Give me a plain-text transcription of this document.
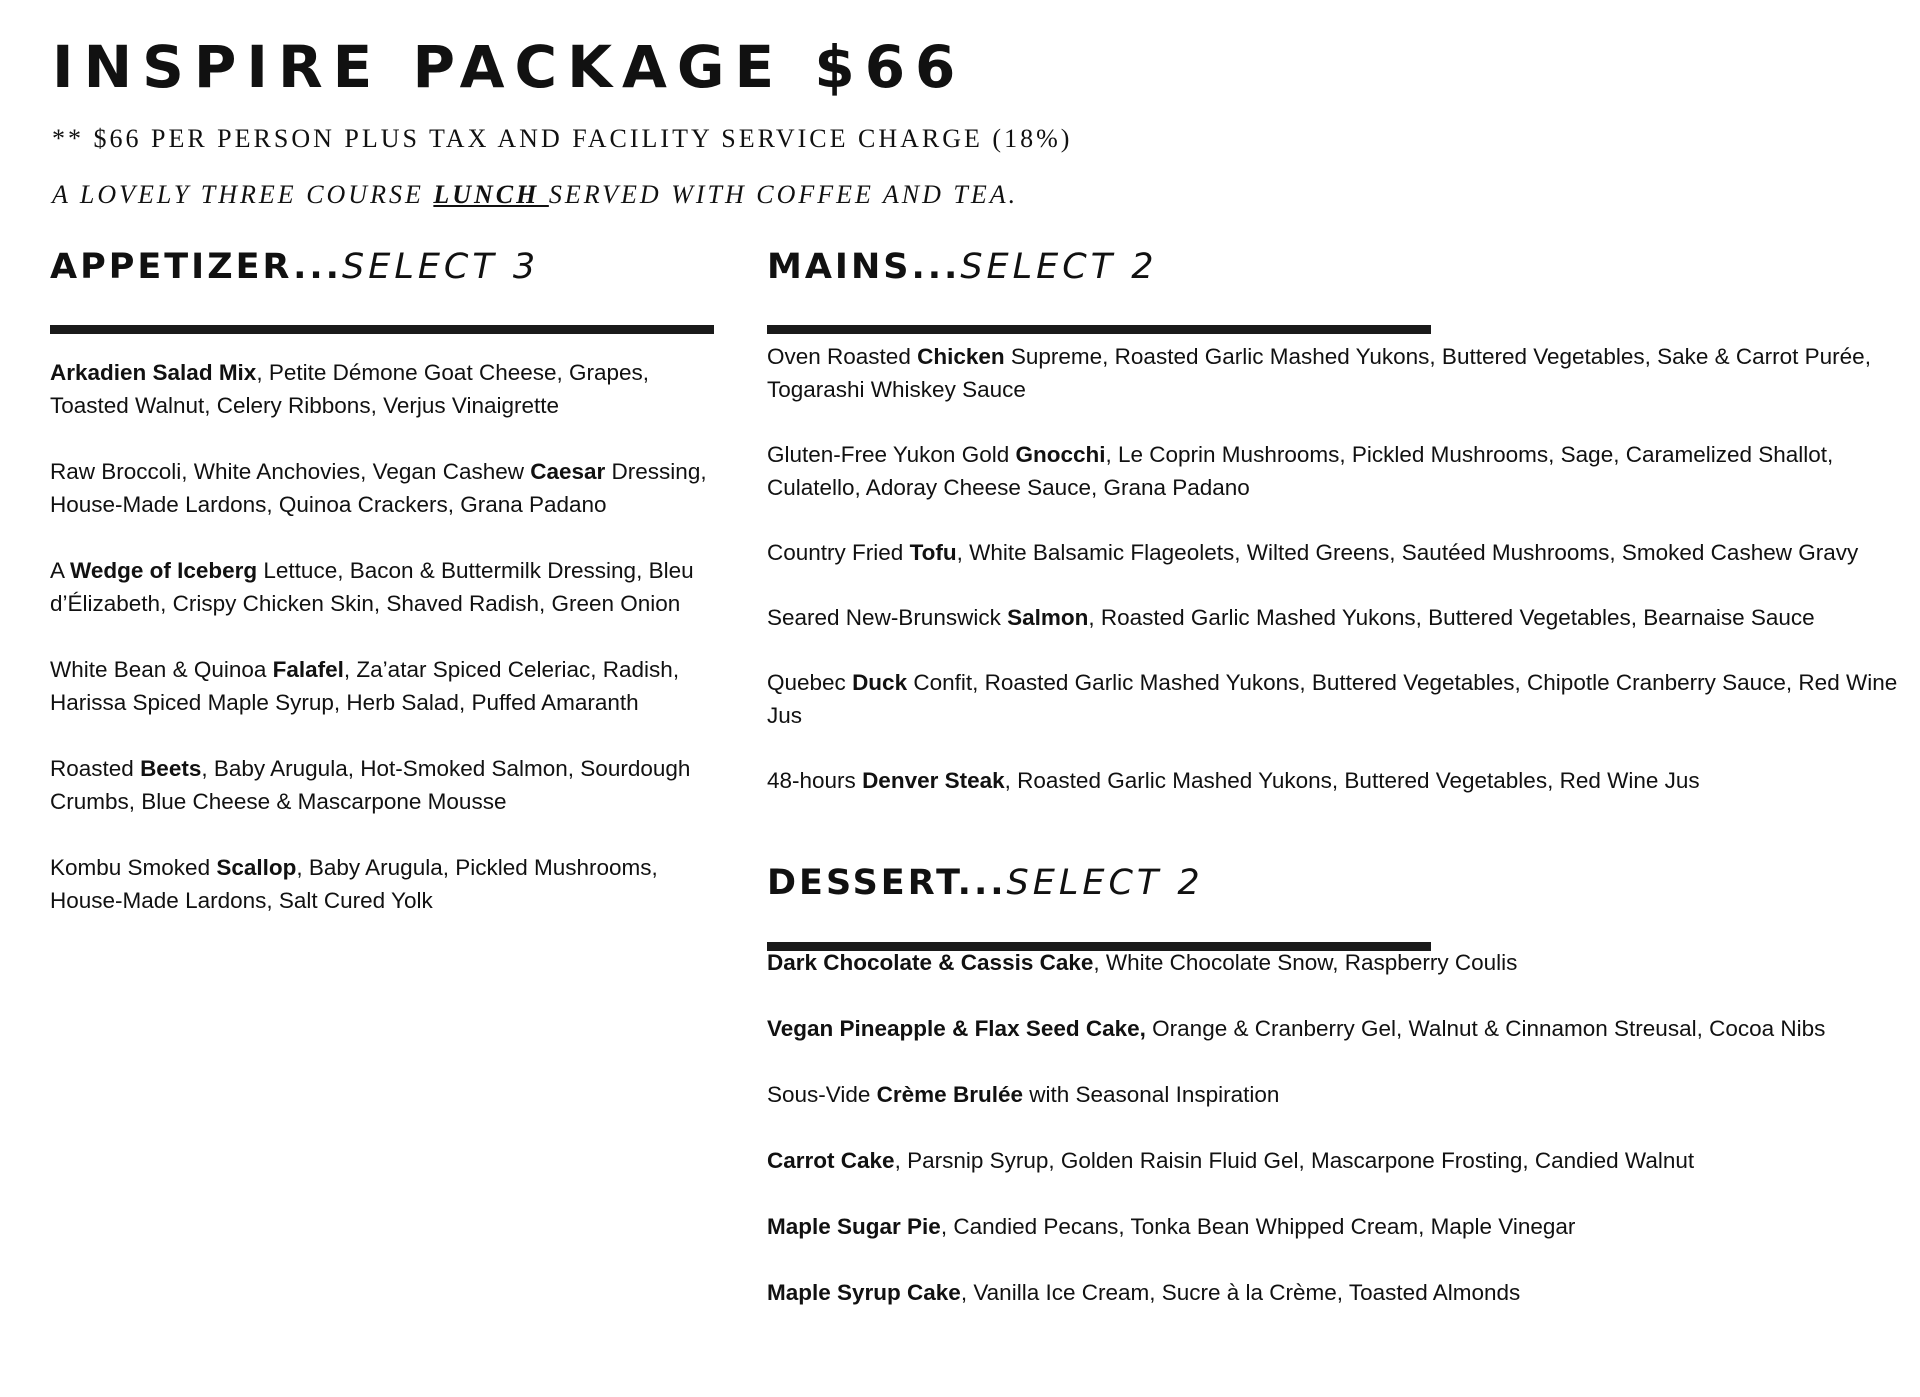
INSPIRE PACKAGE $66
** $66 PER PERSON PLUS TAX AND FACILITY SERVICE CHARGE (18%)
A LOVELY THREE COURSE LUNCH SERVED WITH COFFEE AND TEA.
APPETIZER...SELECT 3

Arkadien Salad Mix, Petite Démone Goat Cheese, Grapes, Toasted Walnut, Celery Ribbons, Verjus Vinaigrette

Raw Broccoli, White Anchovies, Vegan Cashew Caesar Dressing, House-Made Lardons, Quinoa Crackers, Grana Padano

A Wedge of Iceberg Lettuce, Bacon & Buttermilk Dressing, Bleu d’Élizabeth, Crispy Chicken Skin, Shaved Radish, Green Onion

White Bean & Quinoa Falafel, Za’atar Spiced Celeriac, Radish, Harissa Spiced Maple Syrup, Herb Salad, Puffed Amaranth

Roasted Beets, Baby Arugula, Hot-Smoked Salmon, Sourdough Crumbs, Blue Cheese & Mascarpone Mousse

Kombu Smoked Scallop, Baby Arugula, Pickled Mushrooms, House-Made Lardons, Salt Cured Yolk

MAINS...SELECT 2

Oven Roasted Chicken Supreme, Roasted Garlic Mashed Yukons, Buttered Vegetables, Sake & Carrot Purée, Togarashi Whiskey Sauce

Gluten-Free Yukon Gold Gnocchi, Le Coprin Mushrooms, Pickled Mushrooms, Sage, Caramelized Shallot, Culatello, Adoray Cheese Sauce, Grana Padano

Country Fried Tofu, White Balsamic Flageolets, Wilted Greens, Sautéed Mushrooms, Smoked Cashew Gravy

Seared New-Brunswick Salmon, Roasted Garlic Mashed Yukons, Buttered Vegetables, Bearnaise Sauce

Quebec Duck Confit, Roasted Garlic Mashed Yukons, Buttered Vegetables, Chipotle Cranberry Sauce, Red Wine Jus

48-hours Denver Steak, Roasted Garlic Mashed Yukons, Buttered Vegetables, Red Wine Jus

DESSERT...SELECT 2

Dark Chocolate & Cassis Cake, White Chocolate Snow, Raspberry Coulis

Vegan Pineapple & Flax Seed Cake, Orange & Cranberry Gel, Walnut & Cinnamon Streusal, Cocoa Nibs

Sous-Vide Crème Brulée with Seasonal Inspiration

Carrot Cake, Parsnip Syrup, Golden Raisin Fluid Gel, Mascarpone Frosting, Candied Walnut

Maple Sugar Pie, Candied Pecans, Tonka Bean Whipped Cream, Maple Vinegar

Maple Syrup Cake, Vanilla Ice Cream, Sucre à la Crème, Toasted Almonds
